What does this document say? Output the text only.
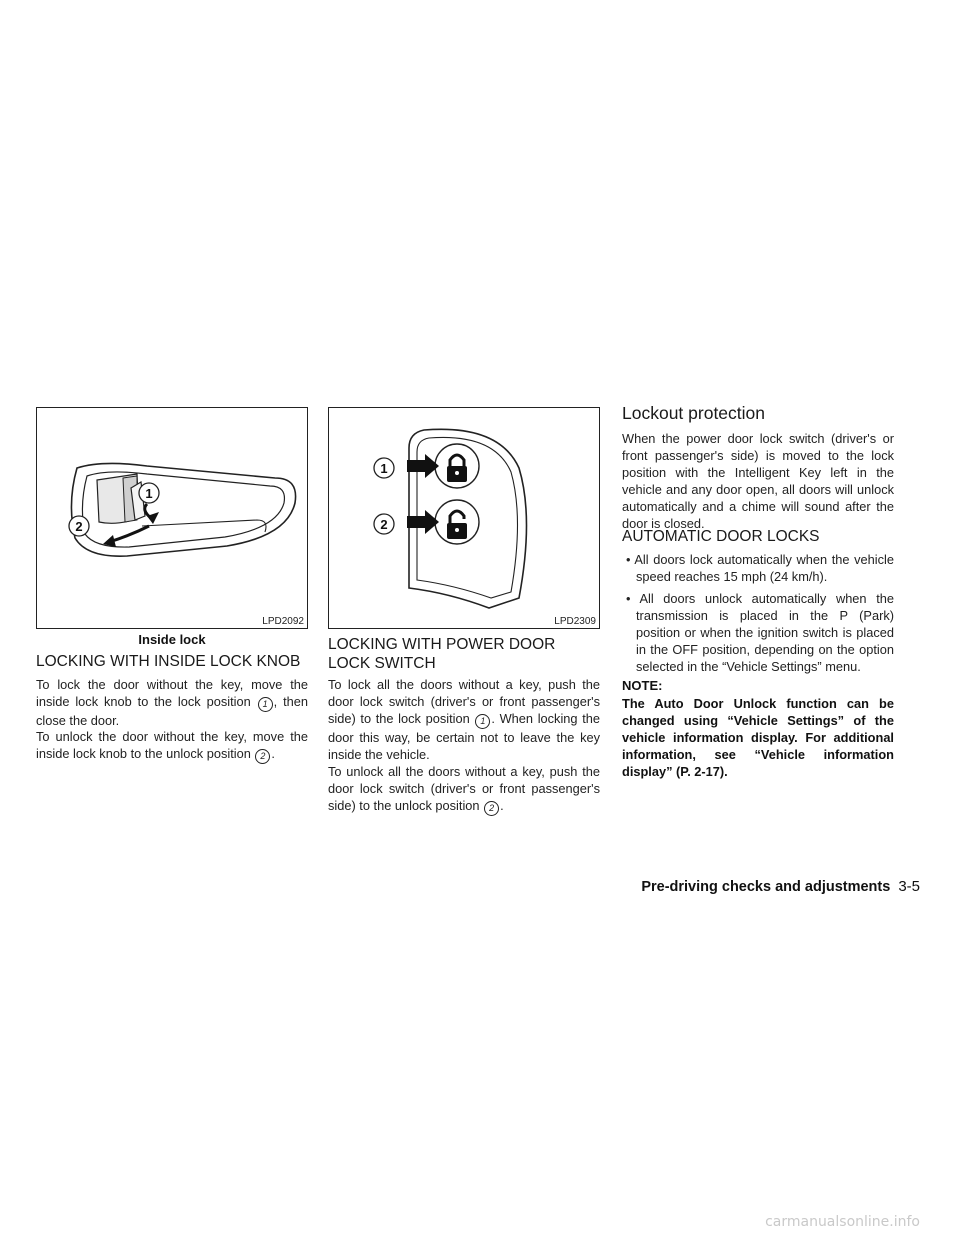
1
2
LPD2092
Inside lock
1
2
LPD2309
LOCKING WITH INSIDE LOCK KNOB

To lock the door without the key, move the inside lock knob to the lock position 1 , then close the door.

To unlock the door without the key, move the inside lock knob to the unlock position 2 .

LOCKING WITH POWER DOOR
LOCK SWITCH

To lock all the doors without a key, push the door lock switch (driver's or front passenger's side) to the lock position 1 . When locking the door this way, be certain not to leave the key inside the vehicle.

To unlock all the doors without a key, push the door lock switch (driver's or front passenger's side) to the unlock position 2 .

Lockout protection

When the power door lock switch (driver's or front passenger's side) is moved to the lock position with the Intelligent Key left in the vehicle and any door open, all doors will unlock automatically and a chime will sound after the door is closed.

AUTOMATIC DOOR LOCKS
• All doors lock automatically when the vehicle speed reaches 15 mph (24 km/h).
• All doors unlock automatically when the transmission is placed in the P (Park) position or when the ignition switch is placed in the OFF position, depending on the option selected in the “Vehicle Settings” menu.
NOTE:

The Auto Door Unlock function can be changed using “Vehicle Settings” of the vehicle information display. For additional information, see “Vehicle information display” (P. 2-17).

Pre-driving checks and adjustments 3-5
carmanualsonline.info
